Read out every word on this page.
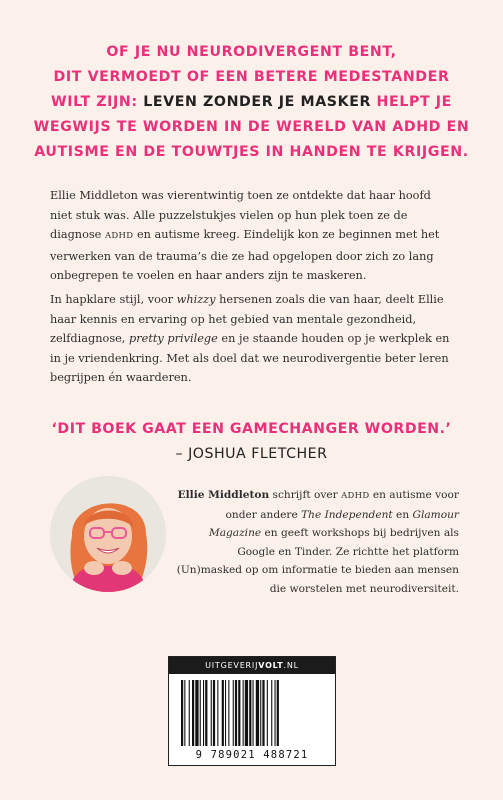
OF JE NU NEURODIVERGENT BENT,
DIT VERMOEDT OF EEN BETERE MEDESTANDER
WILT ZIJN: LEVEN ZONDER JE MASKER HELPT JE
WEGWIJS TE WORDEN IN DE WERELD VAN ADHD EN
AUTISME EN DE TOUWTJES IN HANDEN TE KRIJGEN.

Ellie Middleton was vierentwintig toen ze ontdekte dat haar hoofd niet stuk was. Alle puzzelstukjes vielen op hun plek toen ze de diagnose ADHD en autisme kreeg. Eindelijk kon ze beginnen met het verwerken van de trauma’s die ze had opgelopen door zich zo lang onbegrepen te voelen en haar anders zijn te maskeren.

In hapklare stijl, voor whizzy hersenen zoals die van haar, deelt Ellie haar kennis en ervaring op het gebied van mentale gezondheid, zelfdiagnose, pretty privilege en je staande houden op je werkplek en in je vriendenkring. Met als doel dat we neurodivergentie beter leren begrijpen én waarderen.

‘DIT BOEK GAAT EEN GAMECHANGER WORDEN.’
– JOSHUA FLETCHER

Ellie Middleton schrijft over ADHD en autisme voor onder andere The Independent en Glamour Magazine en geeft workshops bij bedrijven als Google en Tinder. Ze richtte het platform (Un)masked op om informatie te bieden aan mensen die worstelen met neurodiversiteit.

UITGEVERIJVOLT.NL
9 789021 488721
